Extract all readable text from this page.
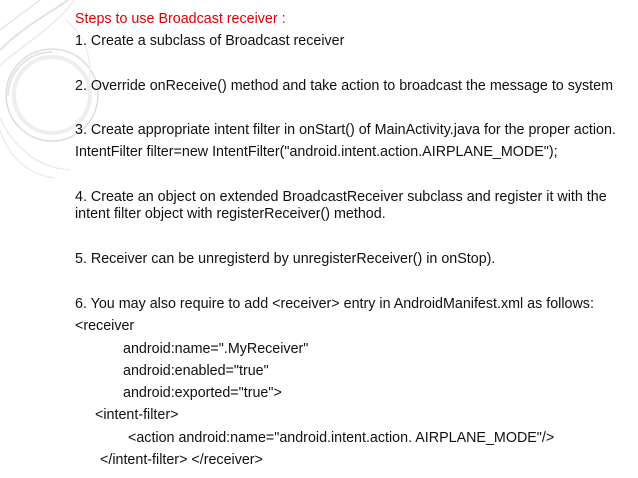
Steps to use Broadcast receiver :
1. Create a subclass of Broadcast receiver
2. Override onReceive() method and take action to broadcast the message to system
3. Create appropriate intent filter in onStart() of MainActivity.java for the proper action.
IntentFilter filter=new IntentFilter("android.intent.action.AIRPLANE_MODE");
4. Create an object on extended BroadcastReceiver subclass and register it with the
intent filter object with registerReceiver() method.
5. Receiver can be unregisterd by unregisterReceiver() in onStop).
6. You may also require to add <receiver> entry in AndroidManifest.xml as follows:
<receiver
android:name=".MyReceiver"
android:enabled="true"
android:exported="true">
<intent-filter>
<action android:name="android.intent.action. AIRPLANE_MODE"/>
</intent-filter> </receiver>
